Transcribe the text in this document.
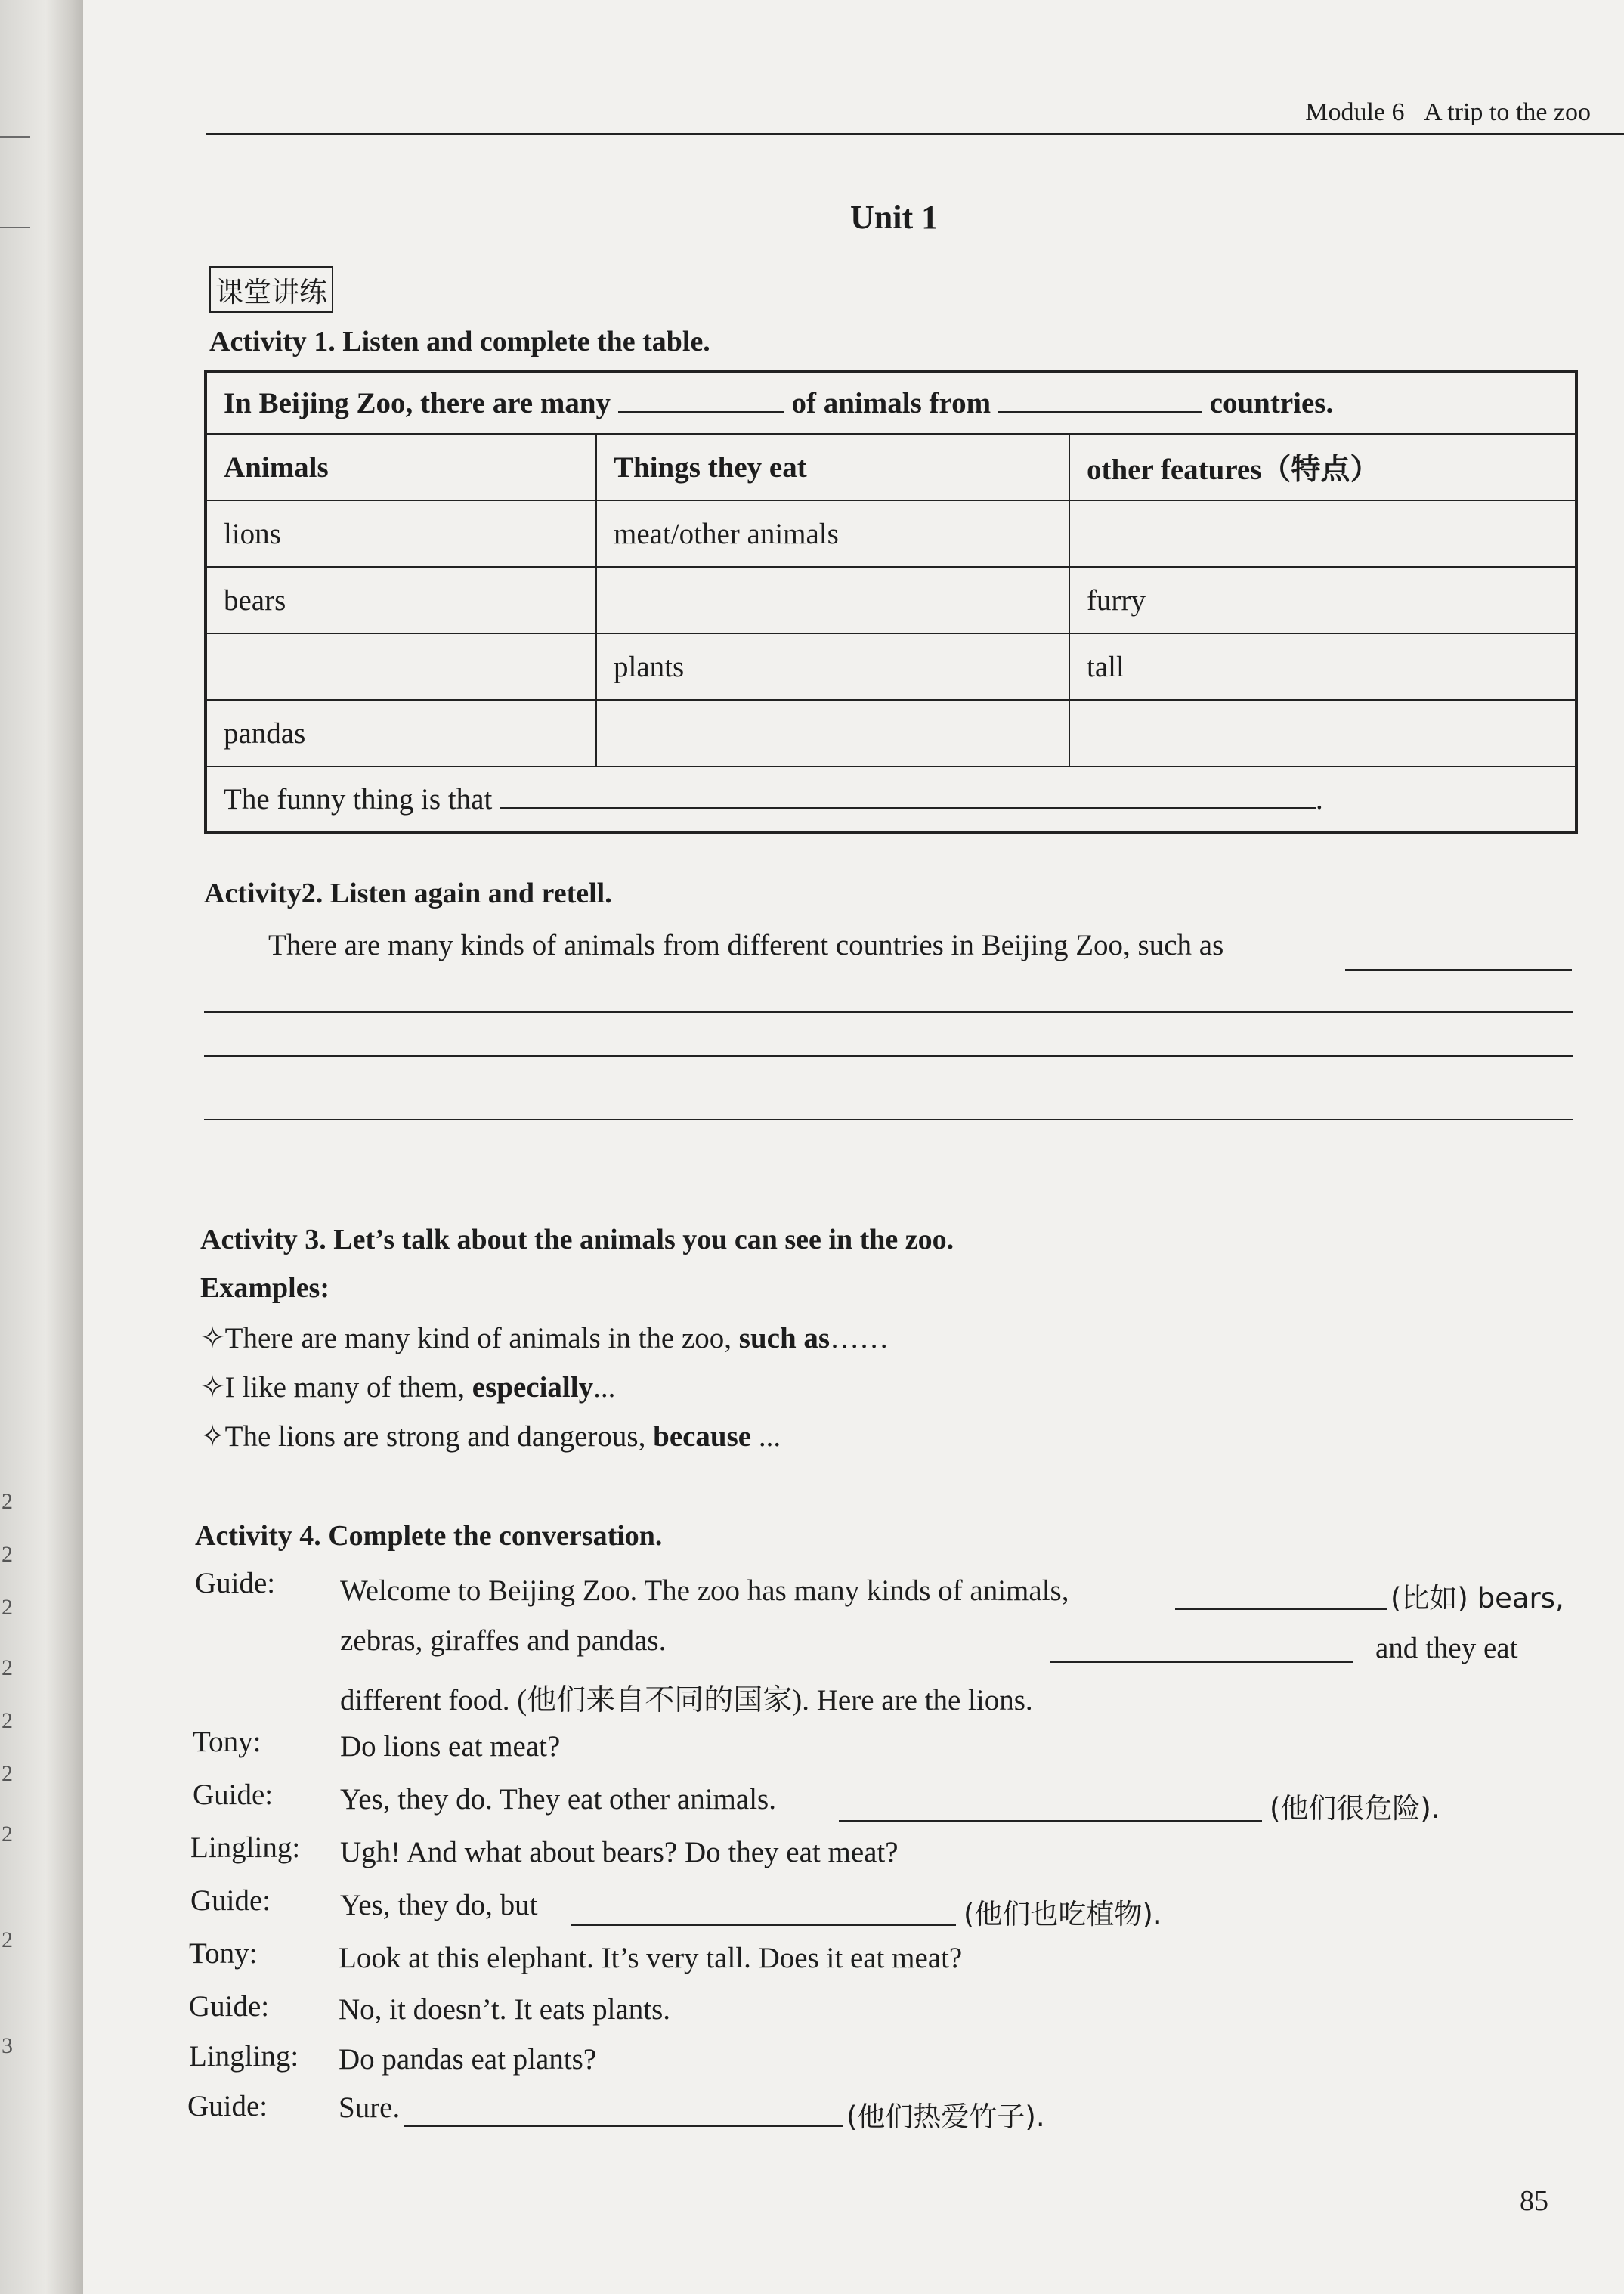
2
2
2
2
2
2
2
2
3
Module 6 A trip to the zoo
Unit 1
课堂讲练
Activity 1. Listen and complete the table.
In Beijing Zoo, there are many of animals from countries.		
Animals	Things they eat	other features（特点）
lions	meat/other animals	
bears		furry
	plants	tall
pandas		
The funny thing is that .		
Activity2. Listen again and retell.
There are many kinds of animals from different countries in Beijing Zoo, such as
Activity 3. Let’s talk about the animals you can see in the zoo.
Examples:
✧There are many kind of animals in the zoo, such as……
✧I like many of them, especially...
✧The lions are strong and dangerous, because ...
Activity 4. Complete the conversation.
Guide: Welcome to Beijing Zoo. The zoo has many kinds of animals,	(比如) bears,
zebras, giraffes and pandas.	and they eat
different food. (他们来自不同的国家). Here are the lions.
Tony:	Do lions eat meat?
Guide: Yes, they do. They eat other animals.	(他们很危险).
Lingling: Ugh! And what about bears? Do they eat meat?
Guide: Yes, they do, but	(他们也吃植物).
Tony:	Look at this elephant. It’s very tall. Does it eat meat?
Guide: No, it doesn’t. It eats plants.
Lingling: Do pandas eat plants?
Guide: Sure.	(他们热爱竹子).
85
